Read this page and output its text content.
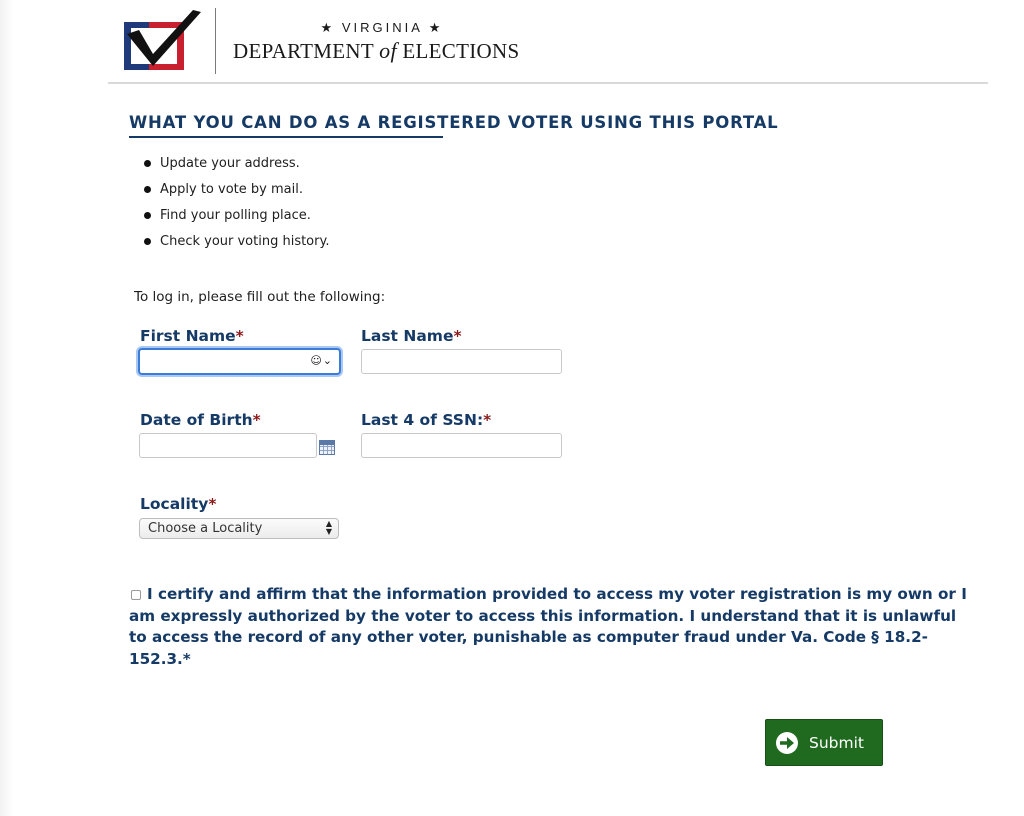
★ VIRGINIA ★
DEPARTMENT of ELECTIONS
WHAT YOU CAN DO AS A REGISTERED VOTER USING THIS PORTAL
Update your address.
Apply to vote by mail.
Find your polling place.
Check your voting history.
To log in, please fill out the following:
First Name*
☺⌄
Last Name*
Date of Birth*	Last 4 of SSN:*
Locality*
Choose a Locality	▲
▼
I certify and affirm that the information provided to access my voter registration is my own or I am expressly authorized by the voter to access this information. I understand that it is unlawful to access the record of any other voter, punishable as computer fraud under Va. Code § 18.2-152.3.*
Submit
